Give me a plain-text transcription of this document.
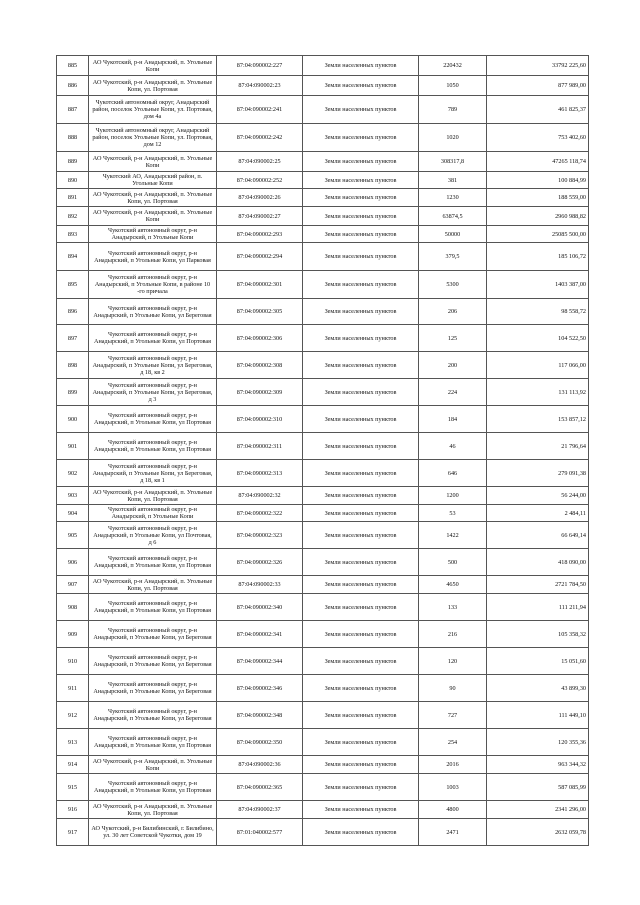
885	АО Чукотский, р-н Анадырский, п. Угольные Копи	87:04:090002:227	Земли населенных пунктов	220432	33792 225,60
886	АО Чукотский, р-н Анадырский, п. Угольные Копи, ул. Портовая	87:04:090002:23	Земли населенных пунктов	1050	877 989,00
887	Чукотский автономный округ, Анадырский район, поселок Угольные Копи, ул. Портовая, дом 4а	87:04:090002:241	Земли населенных пунктов	789	461 825,37
888	Чукотский автономный округ, Анадырский район, поселок Угольные Копи, ул. Портовая, дом 12	87:04:090002:242	Земли населенных пунктов	1020	753 402,60
889	АО Чукотский, р-н Анадырский, п. Угольные Копи	87:04:090002:25	Земли населенных пунктов	308317,8	47265 118,74
890	Чукотский АО, Анадырский район, п. Угольные Копи	87:04:090002:252	Земли населенных пунктов	381	100 884,99
891	АО Чукотский, р-н Анадырский, п. Угольные Копи, ул. Портовая	87:04:090002:26	Земли населенных пунктов	1230	188 559,00
892	АО Чукотский, р-н Анадырский, п. Угольные Копи	87:04:090002:27	Земли населенных пунктов	63874,5	2960 988,82
893	Чукотский автономный округ, р-н Анадырский, п Угольные Копи	87:04:090002:293	Земли населенных пунктов	50000	25085 500,00
894	Чукотский автономный округ, р-н Анадырский, п Угольные Копи, ул Парковая	87:04:090002:294	Земли населенных пунктов	379,5	185 106,72
895	Чукотский автономный округ, р-н Анадырский, п Угольные Копи, в районе 10 -го причала	87:04:090002:301	Земли населенных пунктов	5300	1403 387,00
896	Чукотский автономный округ, р-н Анадырский, п Угольные Копи, ул Береговая	87:04:090002:305	Земли населенных пунктов	206	98 558,72
897	Чукотский автономный округ, р-н Анадырский, п Угольные Копи, ул Портовая	87:04:090002:306	Земли населенных пунктов	125	104 522,50
898	Чукотский автономный округ, р-н Анадырский, п Угольные Копи, ул Береговая, д 18, кв 2	87:04:090002:308	Земли населенных пунктов	200	117 066,00
899	Чукотский автономный округ, р-н Анадырский, п Угольные Копи, ул Береговая, д 3	87:04:090002:309	Земли населенных пунктов	224	131 113,92
900	Чукотский автономный округ, р-н Анадырский, п Угольные Копи, ул Портовая	87:04:090002:310	Земли населенных пунктов	184	153 857,12
901	Чукотский автономный округ, р-н Анадырский, п Угольные Копи, ул Портовая	87:04:090002:311	Земли населенных пунктов	46	21 796,64
902	Чукотский автономный округ, р-н Анадырский, п Угольные Копи, ул Береговая, д 18, кв 1	87:04:090002:313	Земли населенных пунктов	646	279 091,38
903	АО Чукотский, р-н Анадырский, п. Угольные Копи, ул. Портовая	87:04:090002:32	Земли населенных пунктов	1200	56 244,00
904	Чукотский автономный округ, р-н Анадырский, п Угольные Копи	87:04:090002:322	Земли населенных пунктов	53	2 484,11
905	Чукотский автономный округ, р-н Анадырский, п Угольные Копи, ул Почтовая, д 6	87:04:090002:323	Земли населенных пунктов	1422	66 649,14
906	Чукотский автономный округ, р-н Анадырский, п Угольные Копи, ул Портовая	87:04:090002:326	Земли населенных пунктов	500	418 090,00
907	АО Чукотский, р-н Анадырский, п. Угольные Копи, ул. Портовая	87:04:090002:33	Земли населенных пунктов	4650	2721 784,50
908	Чукотский автономный округ, р-н Анадырский, п Угольные Копи, ул Портовая	87:04:090002:340	Земли населенных пунктов	133	111 211,94
909	Чукотский автономный округ, р-н Анадырский, п Угольные Копи, ул Береговая	87:04:090002:341	Земли населенных пунктов	216	105 358,32
910	Чукотский автономный округ, р-н Анадырский, п Угольные Копи, ул Береговая	87:04:090002:344	Земли населенных пунктов	120	15 051,60
911	Чукотский автономный округ, р-н Анадырский, п Угольные Копи, ул Береговая	87:04:090002:346	Земли населенных пунктов	90	43 899,30
912	Чукотский автономный округ, р-н Анадырский, п Угольные Копи, ул Береговая	87:04:090002:348	Земли населенных пунктов	727	111 449,10
913	Чукотский автономный округ, р-н Анадырский, п Угольные Копи, ул Портовая	87:04:090002:350	Земли населенных пунктов	254	120 355,36
914	АО Чукотский, р-н Анадырский, п. Угольные Копи	87:04:090002:36	Земли населенных пунктов	2016	963 344,32
915	Чукотский автономный округ, р-н Анадырский, п Угольные Копи, ул Портовая	87:04:090002:365	Земли населенных пунктов	1003	587 085,99
916	АО Чукотский, р-н Анадырский, п. Угольные Копи, ул. Портовая	87:04:090002:37	Земли населенных пунктов	4800	2341 296,00
917	АО Чукотский, р-н Билибинский, г. Билибино, ул. 30 лет Советской Чукотки, дом 19	87:01:040002:577	Земли населенных пунктов	2471	2632 059,78
